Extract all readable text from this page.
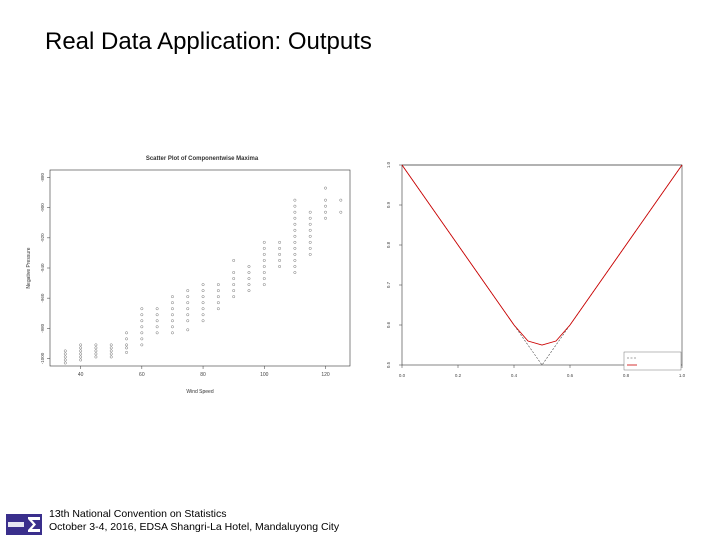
Real Data Application: Outputs
Scatter Plot of Componentwise Maxima
-1000
-980
-960
-940
-920
-900
-880
40	60	80	100	120
Wind Speed
Negative Pressure
0.5
0.6
0.7
0.8
0.9
1.0
0.0	0.2	0.4	0.6	0.8	1.0
13th National Convention on Statistics
October 3-4, 2016, EDSA Shangri-La Hotel, Mandaluyong City
